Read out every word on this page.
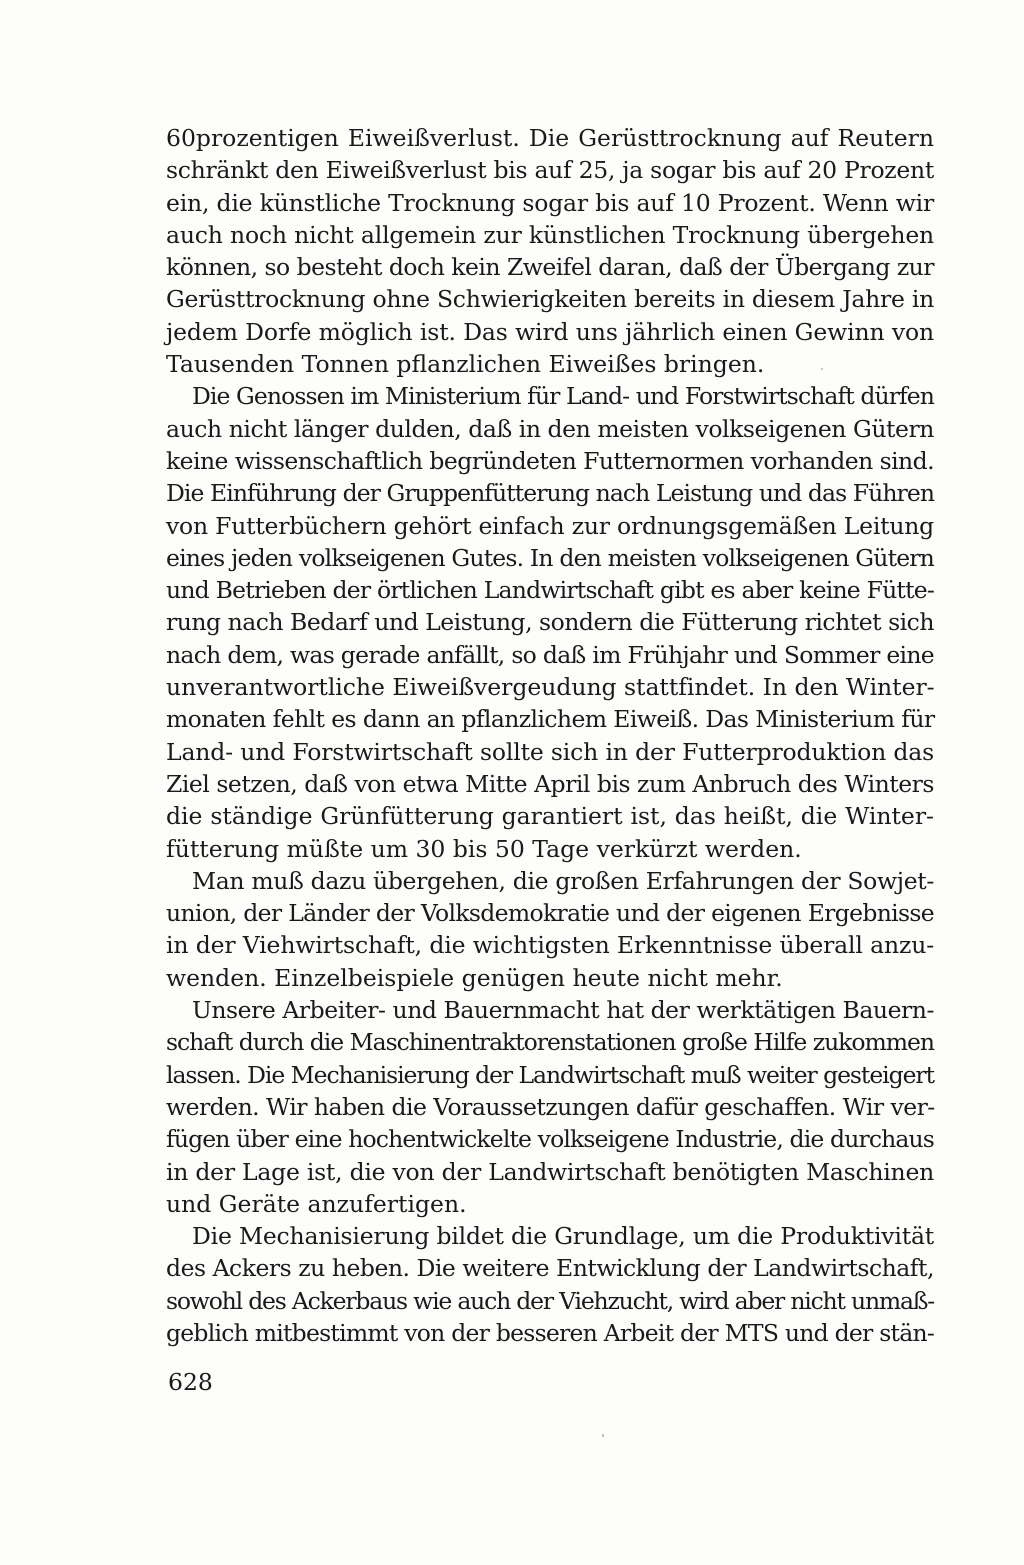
60prozentigen Eiweißverlust. Die Gerüsttrocknung auf Reutern
schränkt den Eiweißverlust bis auf 25, ja sogar bis auf 20 Prozent
ein, die künstliche Trocknung sogar bis auf 10 Prozent. Wenn wir
auch noch nicht allgemein zur künstlichen Trocknung übergehen
können, so besteht doch kein Zweifel daran, daß der Übergang zur
Gerüsttrocknung ohne Schwierigkeiten bereits in diesem Jahre in
jedem Dorfe möglich ist. Das wird uns jährlich einen Gewinn von
Tausenden Tonnen pflanzlichen Eiweißes bringen.
Die Genossen im Ministerium für Land- und Forstwirtschaft dürfen
auch nicht länger dulden, daß in den meisten volkseigenen Gütern
keine wissenschaftlich begründeten Futternormen vorhanden sind.
Die Einführung der Gruppenfütterung nach Leistung und das Führen
von Futterbüchern gehört einfach zur ordnungsgemäßen Leitung
eines jeden volkseigenen Gutes. In den meisten volkseigenen Gütern
und Betrieben der örtlichen Landwirtschaft gibt es aber keine Fütte-
rung nach Bedarf und Leistung, sondern die Fütterung richtet sich
nach dem, was gerade anfällt, so daß im Frühjahr und Sommer eine
unverantwortliche Eiweißvergeudung stattfindet. In den Winter-
monaten fehlt es dann an pflanzlichem Eiweiß. Das Ministerium für
Land- und Forstwirtschaft sollte sich in der Futterproduktion das
Ziel setzen, daß von etwa Mitte April bis zum Anbruch des Winters
die ständige Grünfütterung garantiert ist, das heißt, die Winter-
fütterung müßte um 30 bis 50 Tage verkürzt werden.
Man muß dazu übergehen, die großen Erfahrungen der Sowjet-
union, der Länder der Volksdemokratie und der eigenen Ergebnisse
in der Viehwirtschaft, die wichtigsten Erkenntnisse überall anzu-
wenden. Einzelbeispiele genügen heute nicht mehr.
Unsere Arbeiter- und Bauernmacht hat der werktätigen Bauern-
schaft durch die Maschinentraktorenstationen große Hilfe zukommen
lassen. Die Mechanisierung der Landwirtschaft muß weiter gesteigert
werden. Wir haben die Voraussetzungen dafür geschaffen. Wir ver-
fügen über eine hochentwickelte volkseigene Industrie, die durchaus
in der Lage ist, die von der Landwirtschaft benötigten Maschinen
und Geräte anzufertigen.
Die Mechanisierung bildet die Grundlage, um die Produktivität
des Ackers zu heben. Die weitere Entwicklung der Landwirtschaft,
sowohl des Ackerbaus wie auch der Viehzucht, wird aber nicht unmaß-
geblich mitbestimmt von der besseren Arbeit der MTS und der stän-
628
